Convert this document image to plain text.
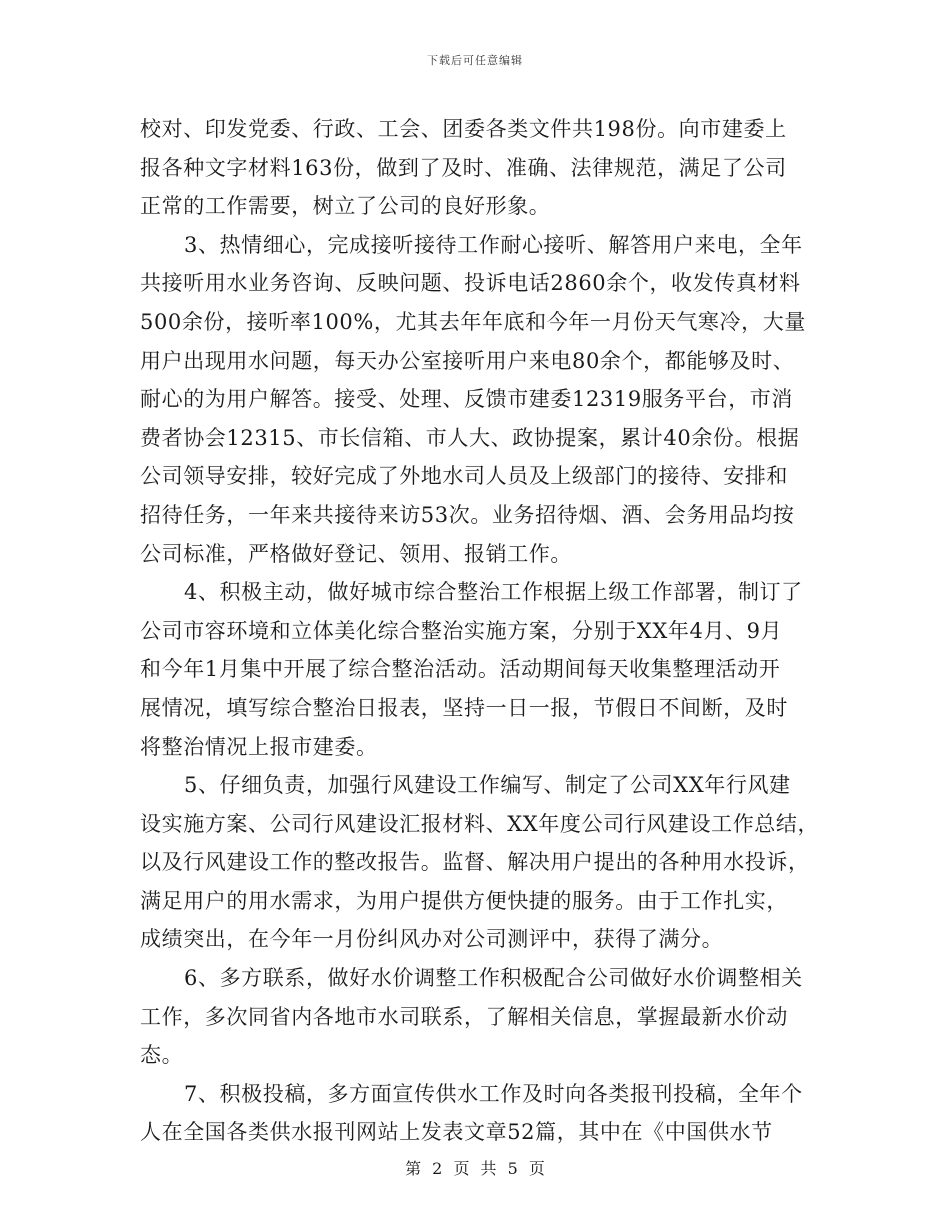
下载后可任意编辑
校对、印发党委、行政、工会、团委各类文件共198份。向市建委上
报各种文字材料163份，做到了及时、准确、法律规范，满足了公司
正常的工作需要，树立了公司的良好形象。
3、热情细心，完成接听接待工作耐心接听、解答用户来电，全年
共接听用水业务咨询、反映问题、投诉电话2860余个，收发传真材料
500余份，接听率100%，尤其去年年底和今年一月份天气寒冷，大量
用户出现用水问题，每天办公室接听用户来电80余个，都能够及时、
耐心的为用户解答。接受、处理、反馈市建委12319服务平台，市消
费者协会12315、市长信箱、市人大、政协提案，累计40余份。根据
公司领导安排，较好完成了外地水司人员及上级部门的接待、安排和
招待任务，一年来共接待来访53次。业务招待烟、酒、会务用品均按
公司标准，严格做好登记、领用、报销工作。
4、积极主动，做好城市综合整治工作根据上级工作部署，制订了
公司市容环境和立体美化综合整治实施方案，分别于XX年4月、9月
和今年1月集中开展了综合整治活动。活动期间每天收集整理活动开
展情况，填写综合整治日报表，坚持一日一报，节假日不间断，及时
将整治情况上报市建委。
5、仔细负责，加强行风建设工作编写、制定了公司XX年行风建
设实施方案、公司行风建设汇报材料、XX年度公司行风建设工作总结，
以及行风建设工作的整改报告。监督、解决用户提出的各种用水投诉，
满足用户的用水需求，为用户提供方便快捷的服务。由于工作扎实，
成绩突出，在今年一月份纠风办对公司测评中，获得了满分。
6、多方联系，做好水价调整工作积极配合公司做好水价调整相关
工作，多次同省内各地市水司联系，了解相关信息，掌握最新水价动
态。
7、积极投稿，多方面宣传供水工作及时向各类报刊投稿，全年个
人在全国各类供水报刊网站上发表文章52篇，其中在《中国供水节
第 2 页 共 5 页
